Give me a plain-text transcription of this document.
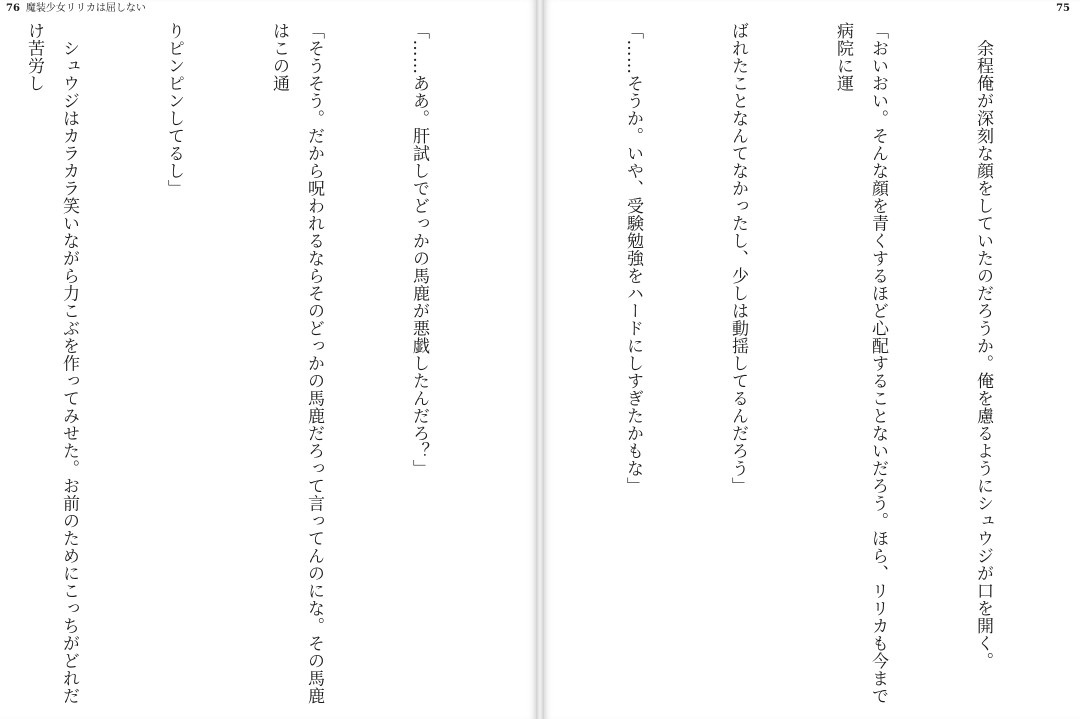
76 魔装少女リリカは屈しない

「……ああ。肝試しでどっかの馬鹿が悪戯したんだろ？」

「そうそう。だから呪われるならそのどっかの馬鹿だろって言ってんのにな。その馬鹿はこの通

りピンピンしてるし」

　シュウジはカラカラ笑いながら力こぶを作ってみせた。お前のためにこっちがどれだけ苦労し

75

　余程俺が深刻な顔をしていたのだろうか。俺を慮るようにシュウジが口を開く。

「おいおい。そんな顔を青くするほど心配することないだろう。ほら、リリカも今まで病院に運

ばれたことなんてなかったし、少しは動揺してるんだろう」

「……そうか。いや、受験勉強をハードにしすぎたかもな」
